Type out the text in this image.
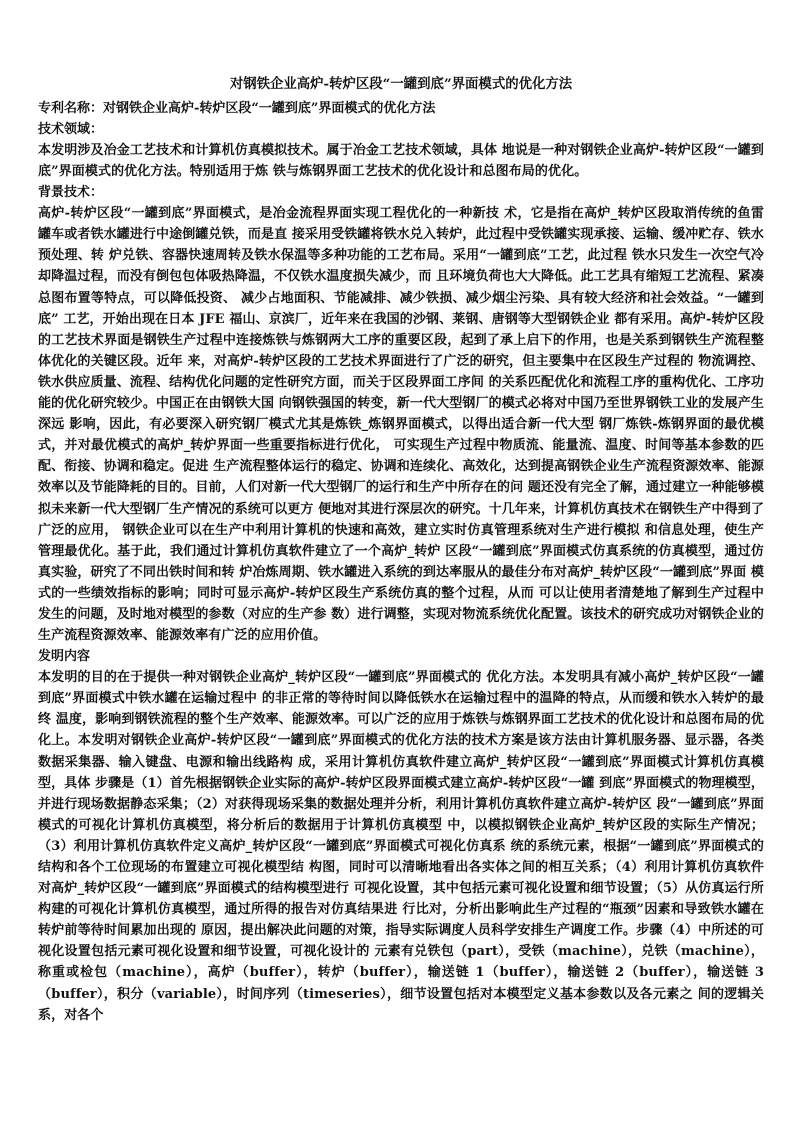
对钢铁企业高炉-转炉区段“一罐到底”界面模式的优化方法
专利名称：对钢铁企业高炉-转炉区段“一罐到底”界面模式的优化方法
技术领域：
本发明涉及冶金工艺技术和计算机仿真模拟技术。属于冶金工艺技术领域，具体 地说是一种对钢铁企业高炉-转炉区段“一罐到底”界面模式的优化方法。特别适用于炼 铁与炼钢界面工艺技术的优化设计和总图布局的优化。
背景技术：
高炉-转炉区段“一罐到底”界面模式，是冶金流程界面实现工程优化的一种新技 术，它是指在高炉_转炉区段取消传统的鱼雷罐车或者铁水罐进行中途倒罐兑铁，而是直 接采用受铁罐将铁水兑入转炉，此过程中受铁罐实现承接、运输、缓冲贮存、铁水预处理、转 炉兑铁、容器快速周转及铁水保温等多种功能的工艺布局。采用“一罐到底”工艺，此过程 铁水只发生一次空气冷却降温过程，而没有倒包包体吸热降温，不仅铁水温度损失减少，而 且环境负荷也大大降低。此工艺具有缩短工艺流程、紧凑总图布置等特点，可以降低投资、 减少占地面积、节能减排、减少铁损、减少烟尘污染、具有较大经济和社会效益。“一罐到底” 工艺，开始出现在日本 JFE 福山、京滨厂，近年来在我国的沙钢、莱钢、唐钢等大型钢铁企业 都有采用。高炉-转炉区段的工艺技术界面是钢铁生产过程中连接炼铁与炼钢两大工序的重要区段，起到了承上启下的作用，也是关系到钢铁生产流程整体优化的关键区段。近年 来，对高炉-转炉区段的工艺技术界面进行了广泛的研究，但主要集中在区段生产过程的 物流调控、铁水供应质量、流程、结构优化问题的定性研究方面，而关于区段界面工序间 的关系匹配优化和流程工序的重构优化、工序功能的优化研究较少。中国正在由钢铁大国 向钢铁强国的转变，新一代大型钢厂的模式必将对中国乃至世界钢铁工业的发展产生深远 影响，因此，有必要深入研究钢厂模式尤其是炼铁_炼钢界面模式，以得出适合新一代大型 钢厂炼铁-炼钢界面的最优模式，并对最优模式的高炉_转炉界面一些重要指标进行优化， 可实现生产过程中物质流、能量流、温度、时间等基本参数的匹配、衔接、协调和稳定。促进 生产流程整体运行的稳定、协调和连续化、高效化，达到提高钢铁企业生产流程资源效率、能源效率以及节能降耗的目的。目前，人们对新一代大型钢厂的运行和生产中所存在的问 题还没有完全了解，通过建立一种能够模拟未来新一代大型钢厂生产情况的系统可以更方 便地对其进行深层次的研究。十几年来，计算机仿真技术在钢铁生产中得到了广泛的应用， 钢铁企业可以在生产中利用计算机的快速和高效，建立实时仿真管理系统对生产进行模拟 和信息处理，使生产管理最优化。基于此，我们通过计算机仿真软件建立了一个高炉_转炉 区段“一罐到底”界面模式仿真系统的仿真模型，通过仿真实验，研究了不同出铁时间和转 炉冶炼周期、铁水罐进入系统的到达率服从的最佳分布对高炉_转炉区段“一罐到底”界面 模式的一些绩效指标的影响；同时可显示高炉-转炉区段生产系统仿真的整个过程，从而 可以让使用者清楚地了解到生产过程中发生的问题，及时地对模型的参数（对应的生产参 数）进行调整，实现对物流系统优化配置。该技术的研究成功对钢铁企业的生产流程资源效率、能源效率有广泛的应用价值。
发明内容
本发明的目的在于提供一种对钢铁企业高炉_转炉区段“一罐到底”界面模式的 优化方法。本发明具有减小高炉_转炉区段“一罐到底”界面模式中铁水罐在运输过程中 的非正常的等待时间以降低铁水在运输过程中的温降的特点，从而缓和铁水入转炉的最终 温度，影响到钢铁流程的整个生产效率、能源效率。可以广泛的应用于炼铁与炼钢界面工艺技术的优化设计和总图布局的优化上。本发明对钢铁企业高炉-转炉区段“一罐到底”界面模式的优化方法的技术方案是该方法由计算机服务器、显示器，各类数据采集器、输入键盘、电源和输出线路构 成，采用计算机仿真软件建立高炉_转炉区段“一罐到底”界面模式计算机仿真模型，具体 步骤是（1）首先根据钢铁企业实际的高炉-转炉区段界面模式建立高炉-转炉区段“一罐 到底”界面模式的物理模型，并进行现场数据静态采集；（2）对获得现场采集的数据处理并分析，利用计算机仿真软件建立高炉-转炉区 段“一罐到底”界面模式的可视化计算机仿真模型，将分析后的数据用于计算机仿真模型 中，以模拟钢铁企业高炉_转炉区段的实际生产情况；（3）利用计算机仿真软件定义高炉_转炉区段“一罐到底”界面模式可视化仿真系 统的系统元素，根据“一罐到底”界面模式的结构和各个工位现场的布置建立可视化模型结 构图，同时可以清晰地看出各实体之间的相互关系；（4）利用计算机仿真软件对高炉_转炉区段“一罐到底”界面模式的结构模型进行 可视化设置，其中包括元素可视化设置和细节设置；（5）从仿真运行所构建的可视化计算机仿真模型，通过所得的报告对仿真结果进 行比对，分析出影响此生产过程的“瓶颈”因素和导致铁水罐在转炉前等待时间累加出现的 原因，提出解决此问题的对策，指导实际调度人员科学安排生产调度工作。步骤（4）中所述的可视化设置包括元素可视化设置和细节设置，可视化设计的 元素有兑铁包（part），受铁（machine），兑铁（machine），称重或检包（machine），高炉（buffer），转炉（buffer），输送链 1（buffer），输送链 2（buffer），输送链 3（buffer），积分（variable），时间序列（timeseries），细节设置包括对本模型定义基本参数以及各元素之 间的逻辑关系，对各个
